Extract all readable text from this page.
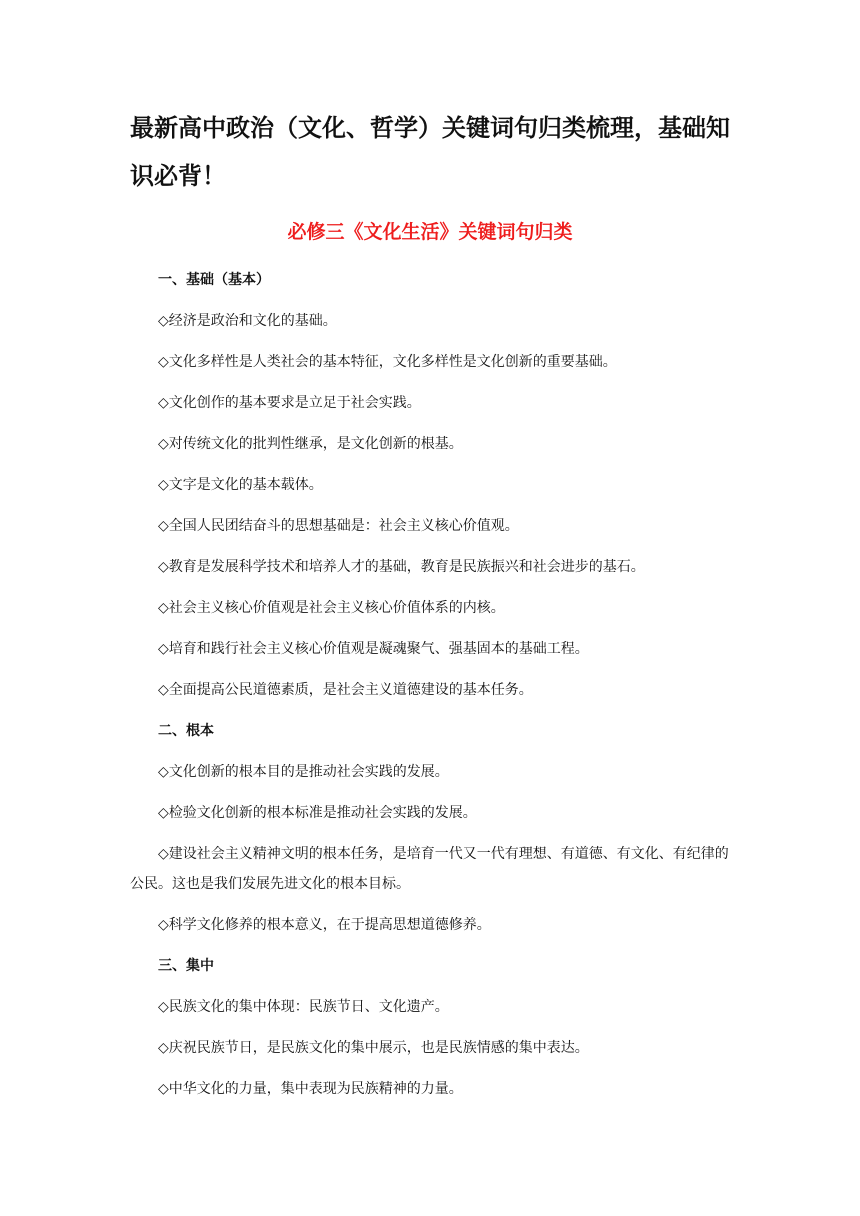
最新高中政治（文化、哲学）关键词句归类梳理，基础知识必背！
必修三《文化生活》关键词句归类

一、基础（基本）

◇经济是政治和文化的基础。

◇文化多样性是人类社会的基本特征，文化多样性是文化创新的重要基础。

◇文化创作的基本要求是立足于社会实践。

◇对传统文化的批判性继承，是文化创新的根基。

◇文字是文化的基本载体。

◇全国人民团结奋斗的思想基础是：社会主义核心价值观。

◇教育是发展科学技术和培养人才的基础，教育是民族振兴和社会进步的基石。

◇社会主义核心价值观是社会主义核心价值体系的内核。

◇培育和践行社会主义核心价值观是凝魂聚气、强基固本的基础工程。

◇全面提高公民道德素质，是社会主义道德建设的基本任务。

二、根本

◇文化创新的根本目的是推动社会实践的发展。

◇检验文化创新的根本标准是推动社会实践的发展。

◇建设社会主义精神文明的根本任务，是培育一代又一代有理想、有道德、有文化、有纪律的公民。这也是我们发展先进文化的根本目标。

◇科学文化修养的根本意义，在于提高思想道德修养。

三、集中

◇民族文化的集中体现：民族节日、文化遗产。

◇庆祝民族节日，是民族文化的集中展示，也是民族情感的集中表达。

◇中华文化的力量，集中表现为民族精神的力量。
